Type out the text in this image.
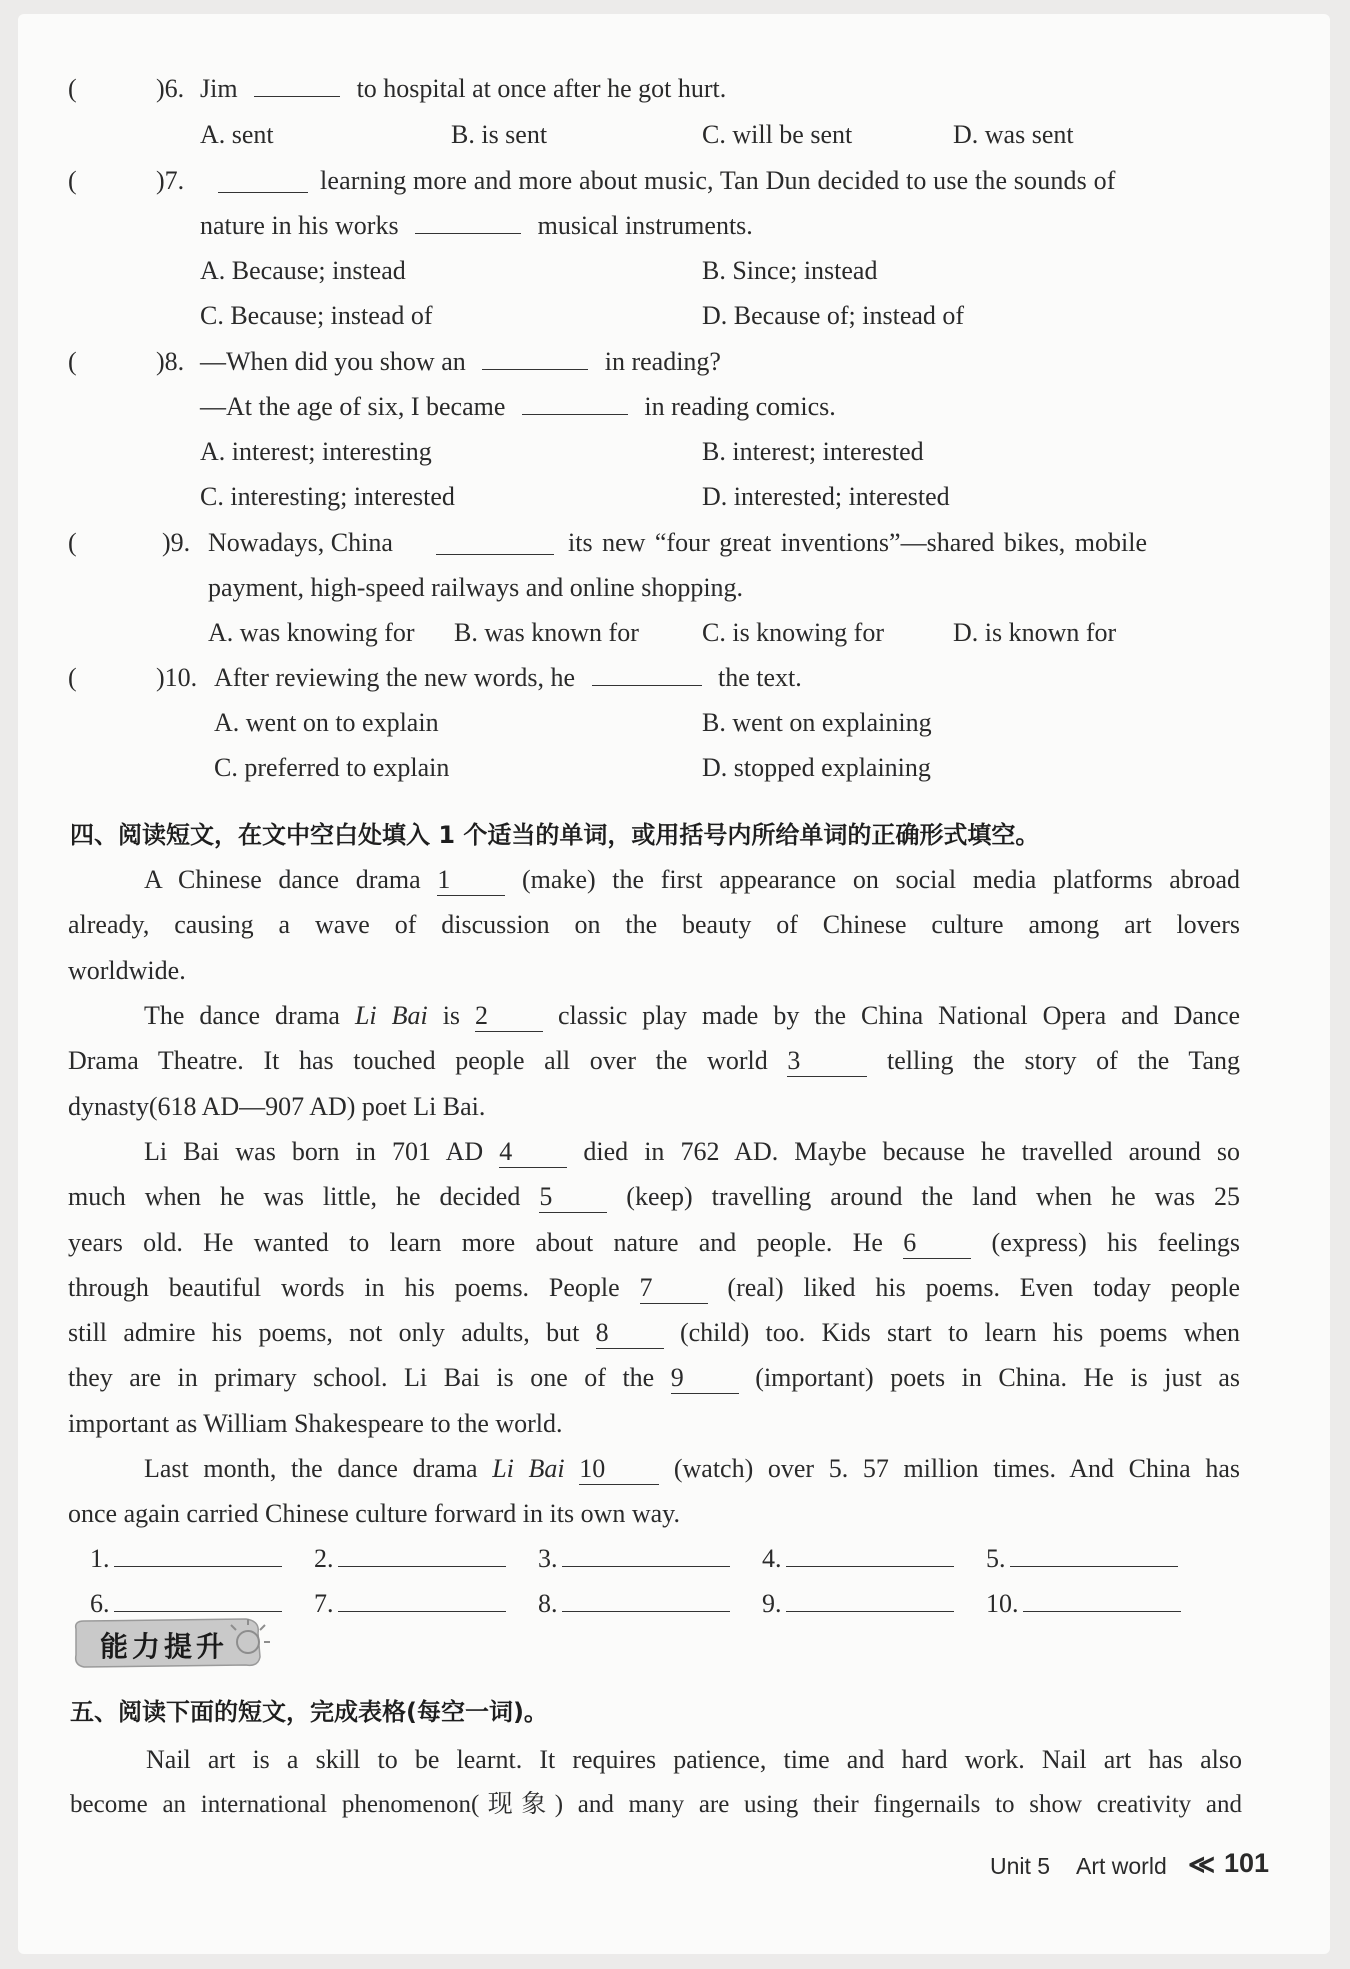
(	)6. Jim	to hospital at once after he got hurt.
A. sent	B. is sent	C. will be sent	D. was sent
(	)7.	learning more and more about music, Tan Dun decided to use the sounds of
nature in his works	musical instruments.
A. Because; instead	B. Since; instead
C. Because; instead of	D. Because of; instead of
(	)8. —When did you show an	in reading?
—At the age of six, I became	in reading comics.
A. interest; interesting	B. interest; interested
C. interesting; interested	D. interested; interested
(	)9. Nowadays, China	its new “four great inventions”—shared bikes, mobile
payment, high-speed railways and online shopping.
A. was knowing for B. was known for C. is knowing for	D. is known for
(	)10. After reviewing the new words, he	the text.
A. went on to explain	B. went on explaining
C. preferred to explain	D. stopped explaining
四、阅读短文，在文中空白处填入 1 个适当的单词，或用括号内所给单词的正确形式填空。
A Chinese dance drama 1	(make) the first appearance on social media platforms abroad
already, causing a wave of discussion on the beauty of Chinese culture among art lovers
worldwide.
The dance drama Li Bai is 2	classic play made by the China National Opera and Dance
Drama Theatre. It has touched people all over the world 3	telling the story of the Tang
dynasty(618 AD—907 AD) poet Li Bai.
Li Bai was born in 701 AD 4	died in 762 AD. Maybe because he travelled around so
much when he was little, he decided 5	(keep) travelling around the land when he was 25
years old. He wanted to learn more about nature and people. He 6	(express) his feelings
through beautiful words in his poems. People 7	(real) liked his poems. Even today people
still admire his poems, not only adults, but 8	(child) too. Kids start to learn his poems when
they are in primary school. Li Bai is one of the 9	(important) poets in China. He is just as
important as William Shakespeare to the world.
Last month, the dance drama Li Bai 10	(watch) over 5. 57 million times. And China has
once again carried Chinese culture forward in its own way.
1.	2.	3.	4.	5.
6.	7.	8.	9.	10.
能力提升
五、阅读下面的短文，完成表格(每空一词)。
Nail art is a skill to be learnt. It requires patience, time and hard work. Nail art has also
become an international phenomenon(现象) and many are using their fingernails to show creativity and
Unit 5 Art world ≪ 101
